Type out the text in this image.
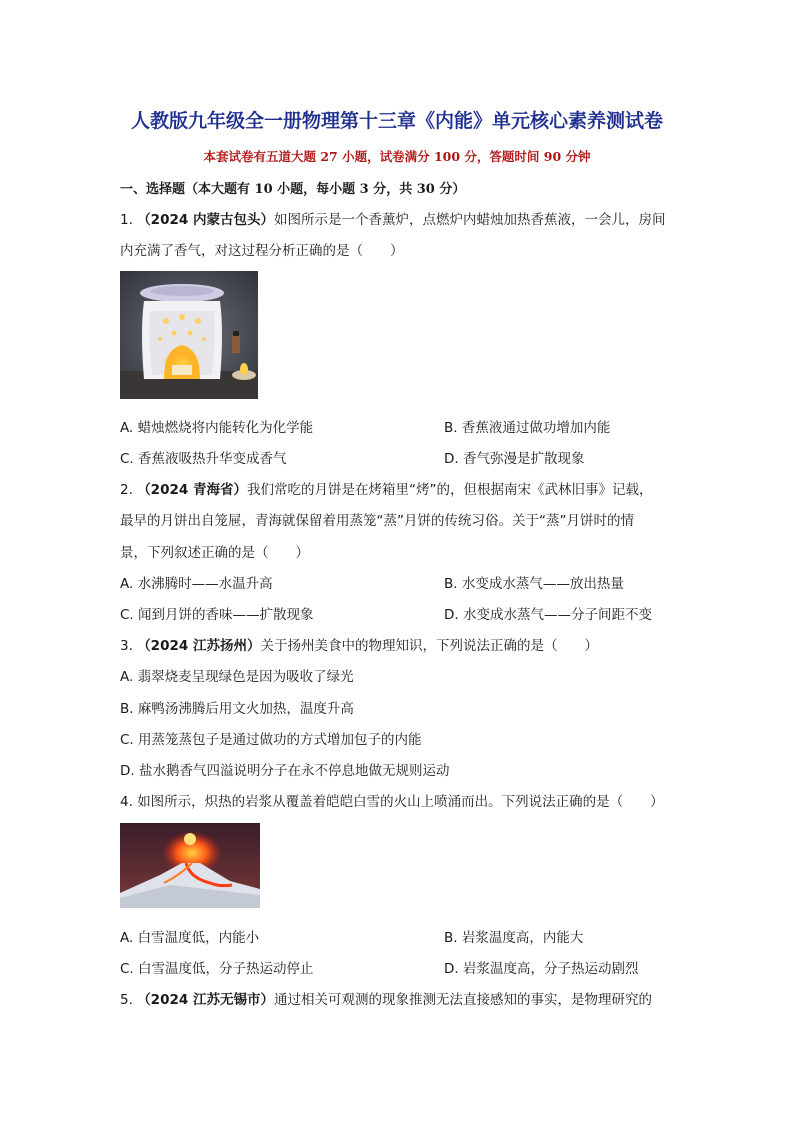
人教版九年级全一册物理第十三章《内能》单元核心素养测试卷
本套试卷有五道大题 27 小题，试卷满分 100 分，答题时间 90 分钟
一、选择题（本大题有 10 小题，每小题 3 分，共 30 分）
1. （2024 内蒙古包头）如图所示是一个香薰炉，点燃炉内蜡烛加热香蕉液，一会儿，房间
内充满了香气，对这过程分析正确的是（　　）
A. 蜡烛燃烧将内能转化为化学能	B. 香蕉液通过做功增加内能
C. 香蕉液吸热升华变成香气	D. 香气弥漫是扩散现象
2. （2024 青海省）我们常吃的月饼是在烤箱里“烤”的，但根据南宋《武林旧事》记载，
最早的月饼出自笼屉，青海就保留着用蒸笼“蒸”月饼的传统习俗。关于“蒸”月饼时的情
景，下列叙述正确的是（　　）
A. 水沸腾时——水温升高	B. 水变成水蒸气——放出热量
C. 闻到月饼的香味——扩散现象	D. 水变成水蒸气——分子间距不变
3. （2024 江苏扬州）关于扬州美食中的物理知识，下列说法正确的是（　　）
A. 翡翠烧麦呈现绿色是因为吸收了绿光
B. 麻鸭汤沸腾后用文火加热，温度升高
C. 用蒸笼蒸包子是通过做功的方式增加包子的内能
D. 盐水鹅香气四溢说明分子在永不停息地做无规则运动
4. 如图所示，炽热的岩浆从覆盖着皑皑白雪的火山上喷涌而出。下列说法正确的是（　　）
A. 白雪温度低，内能小	B. 岩浆温度高，内能大
C. 白雪温度低，分子热运动停止	D. 岩浆温度高，分子热运动剧烈
5. （2024 江苏无锡市）通过相关可观测的现象推测无法直接感知的事实，是物理研究的
